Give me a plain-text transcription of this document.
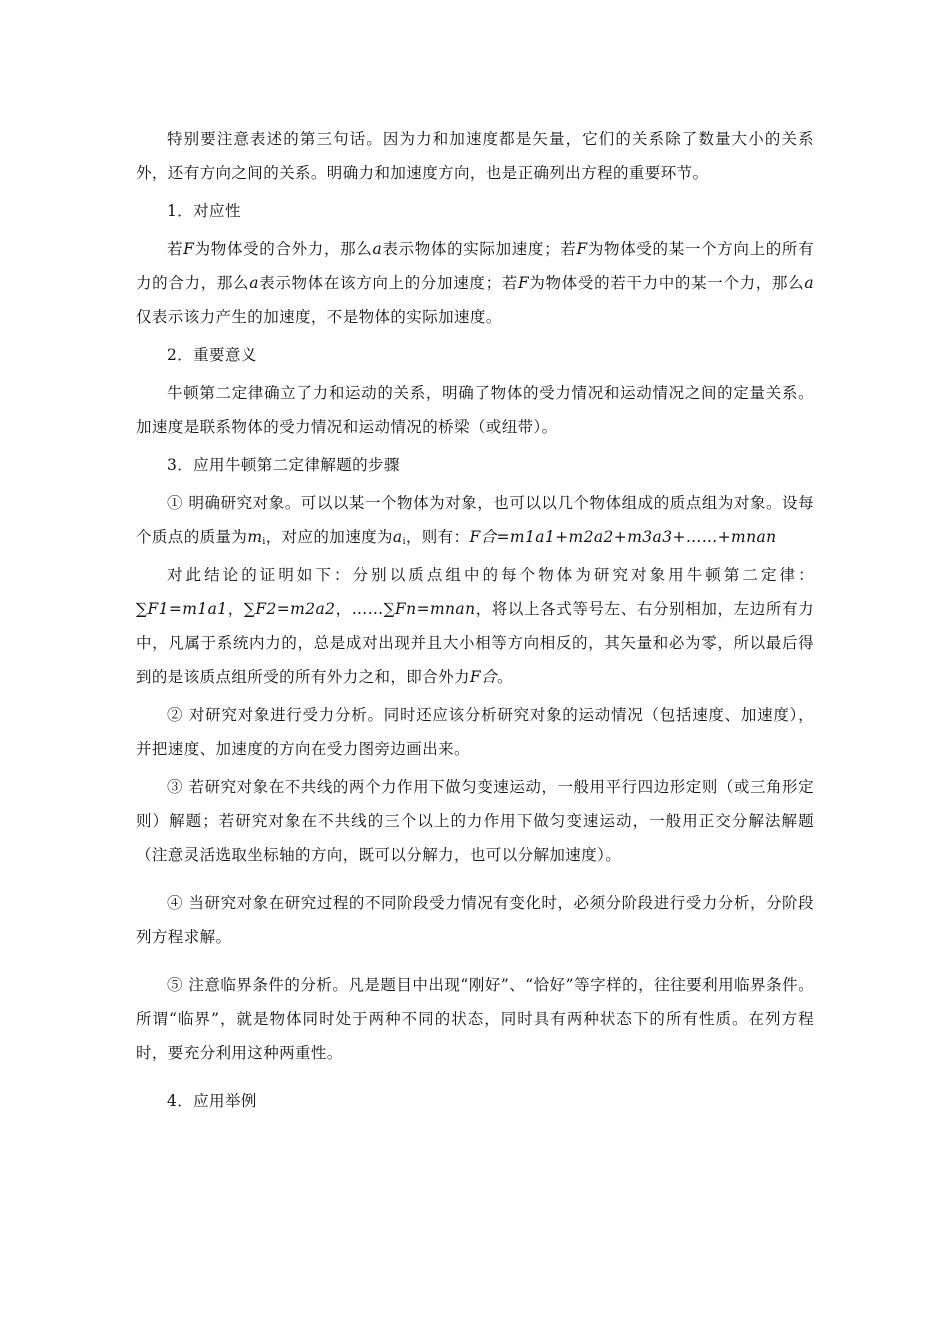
特别要注意表述的第三句话。因为力和加速度都是矢量，它们的关系除了数量大小的关系外，还有方向之间的关系。明确力和加速度方向，也是正确列出方程的重要环节。

1．对应性

若F为物体受的合外力，那么a表示物体的实际加速度；若F为物体受的某一个方向上的所有力的合力，那么a表示物体在该方向上的分加速度；若F为物体受的若干力中的某一个力，那么a仅表示该力产生的加速度，不是物体的实际加速度。

2．重要意义

牛顿第二定律确立了力和运动的关系，明确了物体的受力情况和运动情况之间的定量关系。加速度是联系物体的受力情况和运动情况的桥梁（或纽带）。

3．应用牛顿第二定律解题的步骤

① 明确研究对象。可以以某一个物体为对象，也可以以几个物体组成的质点组为对象。设每个质点的质量为$m_i$，对应的加速度为$a_i$，则有：F合=m1a1+m2a2+m3a3+……+mnan

对此结论的证明如下：分别以质点组中的每个物体为研究对象用牛顿第二定律：∑F1=m1a1，∑F2=m2a2，……∑Fn=mnan，将以上各式等号左、右分别相加，左边所有力中，凡属于系统内力的，总是成对出现并且大小相等方向相反的，其矢量和必为零，所以最后得到的是该质点组所受的所有外力之和，即合外力F合。

② 对研究对象进行受力分析。同时还应该分析研究对象的运动情况（包括速度、加速度），并把速度、加速度的方向在受力图旁边画出来。

③ 若研究对象在不共线的两个力作用下做匀变速运动，一般用平行四边形定则（或三角形定则）解题；若研究对象在不共线的三个以上的力作用下做匀变速运动，一般用正交分解法解题（注意灵活选取坐标轴的方向，既可以分解力，也可以分解加速度）。

④ 当研究对象在研究过程的不同阶段受力情况有变化时，必须分阶段进行受力分析，分阶段列方程求解。

⑤ 注意临界条件的分析。凡是题目中出现“刚好”、“恰好”等字样的，往往要利用临界条件。所谓“临界”，就是物体同时处于两种不同的状态，同时具有两种状态下的所有性质。在列方程时，要充分利用这种两重性。

4．应用举例
